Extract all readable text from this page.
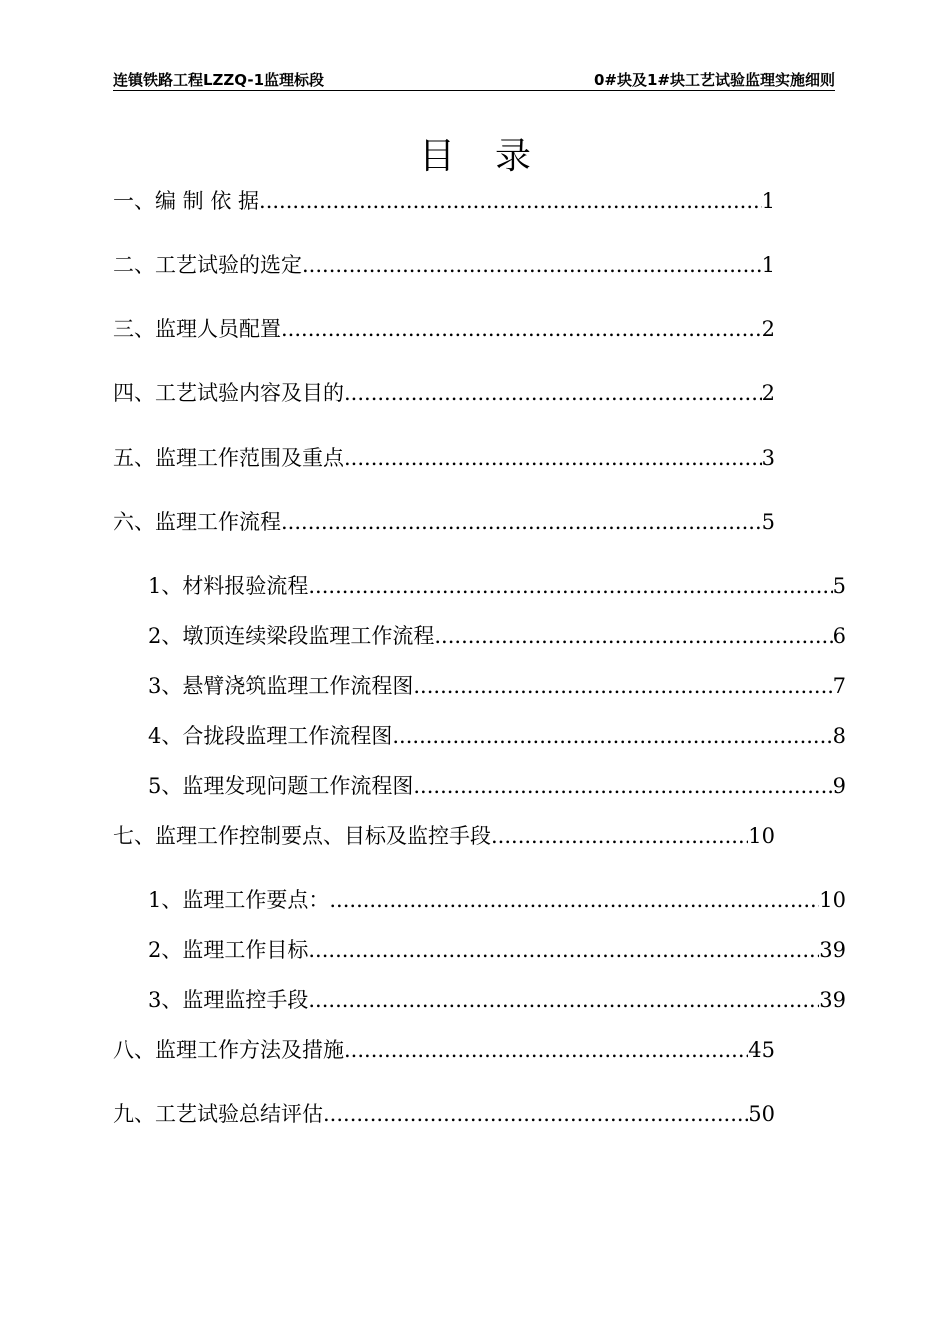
连镇铁路工程LZZQ-1监理标段	0#块及1#块工艺试验监理实施细则
目录
一、编 制 依 据 .....	1
二、工艺试验的选定 .....	1
三、监理人员配置 .....	2
四、工艺试验内容及目的 .....	2
五、监理工作范围及重点 .....	3
六、监理工作流程 .....	5
1、材料报验流程 .....	5
2、墩顶连续梁段监理工作流程 .....	6
3、悬臂浇筑监理工作流程图 .....	7
4、合拢段监理工作流程图 .....	8
5、监理发现问题工作流程图 .....	9
七、监理工作控制要点、目标及监控手段 .....	10
1、监理工作要点： .....	10
2、监理工作目标 .....	39
3、监理监控手段 .....	39
八、监理工作方法及措施 .....	45
九、工艺试验总结评估 .....	50
